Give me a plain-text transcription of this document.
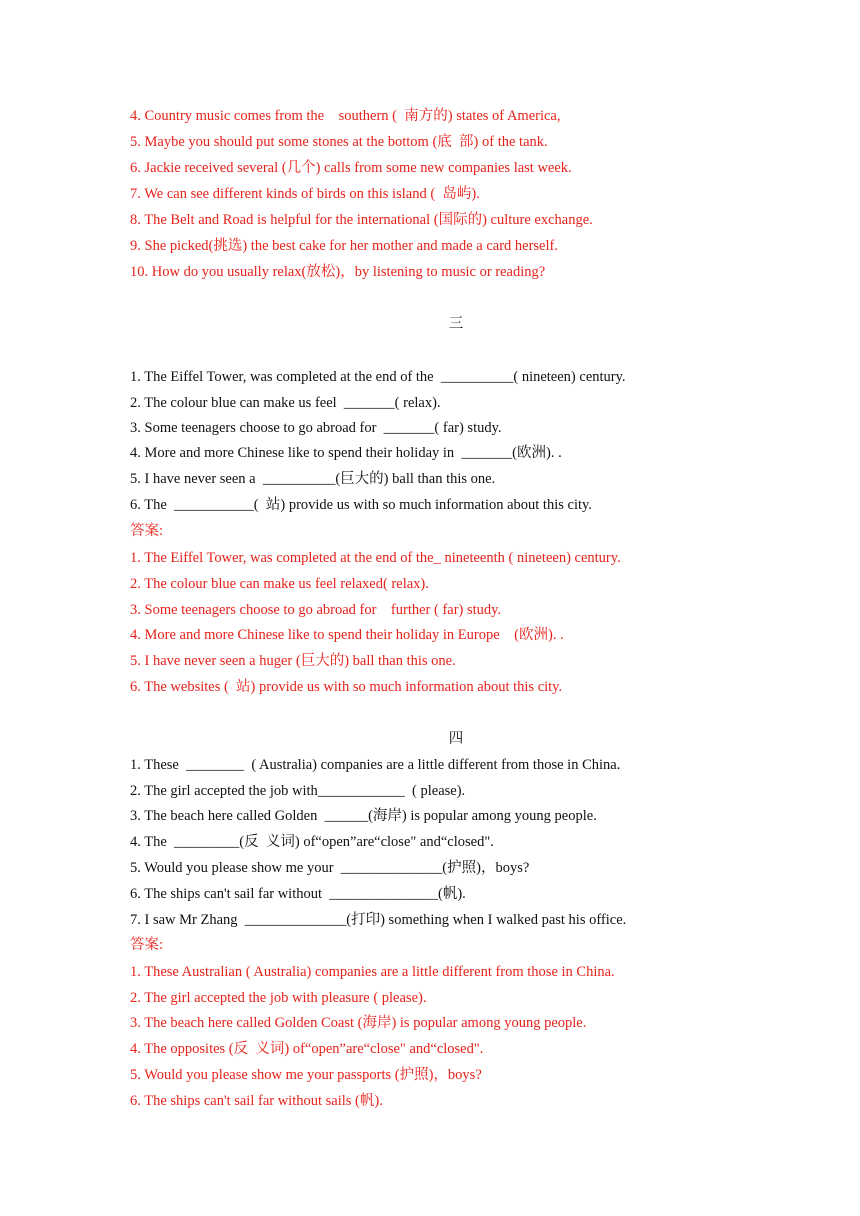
4. Country music comes from the    southern (  南方的) states of America,
5. Maybe you should put some stones at the bottom (底  部) of the tank.
6. Jackie received several (几个) calls from some new companies last week.
7. We can see different kinds of birds on this island (  岛屿).
8. The Belt and Road is helpful for the international (国际的) culture exchange.
9. She picked(挑选) the best cake for her mother and made a card herself.
10. How do you usually relax(放松)，by listening to music or reading?
三
1. The Eiffel Tower, was completed at the end of the  __________( nineteen) century.
2. The colour blue can make us feel  _______( relax).
3. Some teenagers choose to go abroad for  _______( far) study.
4. More and more Chinese like to spend their holiday in  _______(欧洲). .
5. I have never seen a  __________(巨大的) ball than this one.
6. The  ___________(  站) provide us with so much information about this city.
答案:
1. The Eiffel Tower, was completed at the end of the_ nineteenth ( nineteen) century.
2. The colour blue can make us feel relaxed( relax).
3. Some teenagers choose to go abroad for    further ( far) study.
4. More and more Chinese like to spend their holiday in Europe    (欧洲). .
5. I have never seen a huger (巨大的) ball than this one.
6. The websites (  站) provide us with so much information about this city.
四
1. These  ________  ( Australia) companies are a little different from those in China.
2. The girl accepted the job with____________  ( please).
3. The beach here called Golden  ______(海岸) is popular among young people.
4. The  _________(反  义词) of“open”are“close" and“closed".
5. Would you please show me your  ______________(护照)，boys?
6. The ships can't sail far without  _______________(帆).
7. I saw Mr Zhang  ______________(打印) something when I walked past his office.
答案:
1. These Australian ( Australia) companies are a little different from those in China.
2. The girl accepted the job with pleasure ( please).
3. The beach here called Golden Coast (海岸) is popular among young people.
4. The opposites (反  义词) of“open”are“close" and“closed".
5. Would you please show me your passports (护照)，boys?
6. The ships can't sail far without sails (帆).
